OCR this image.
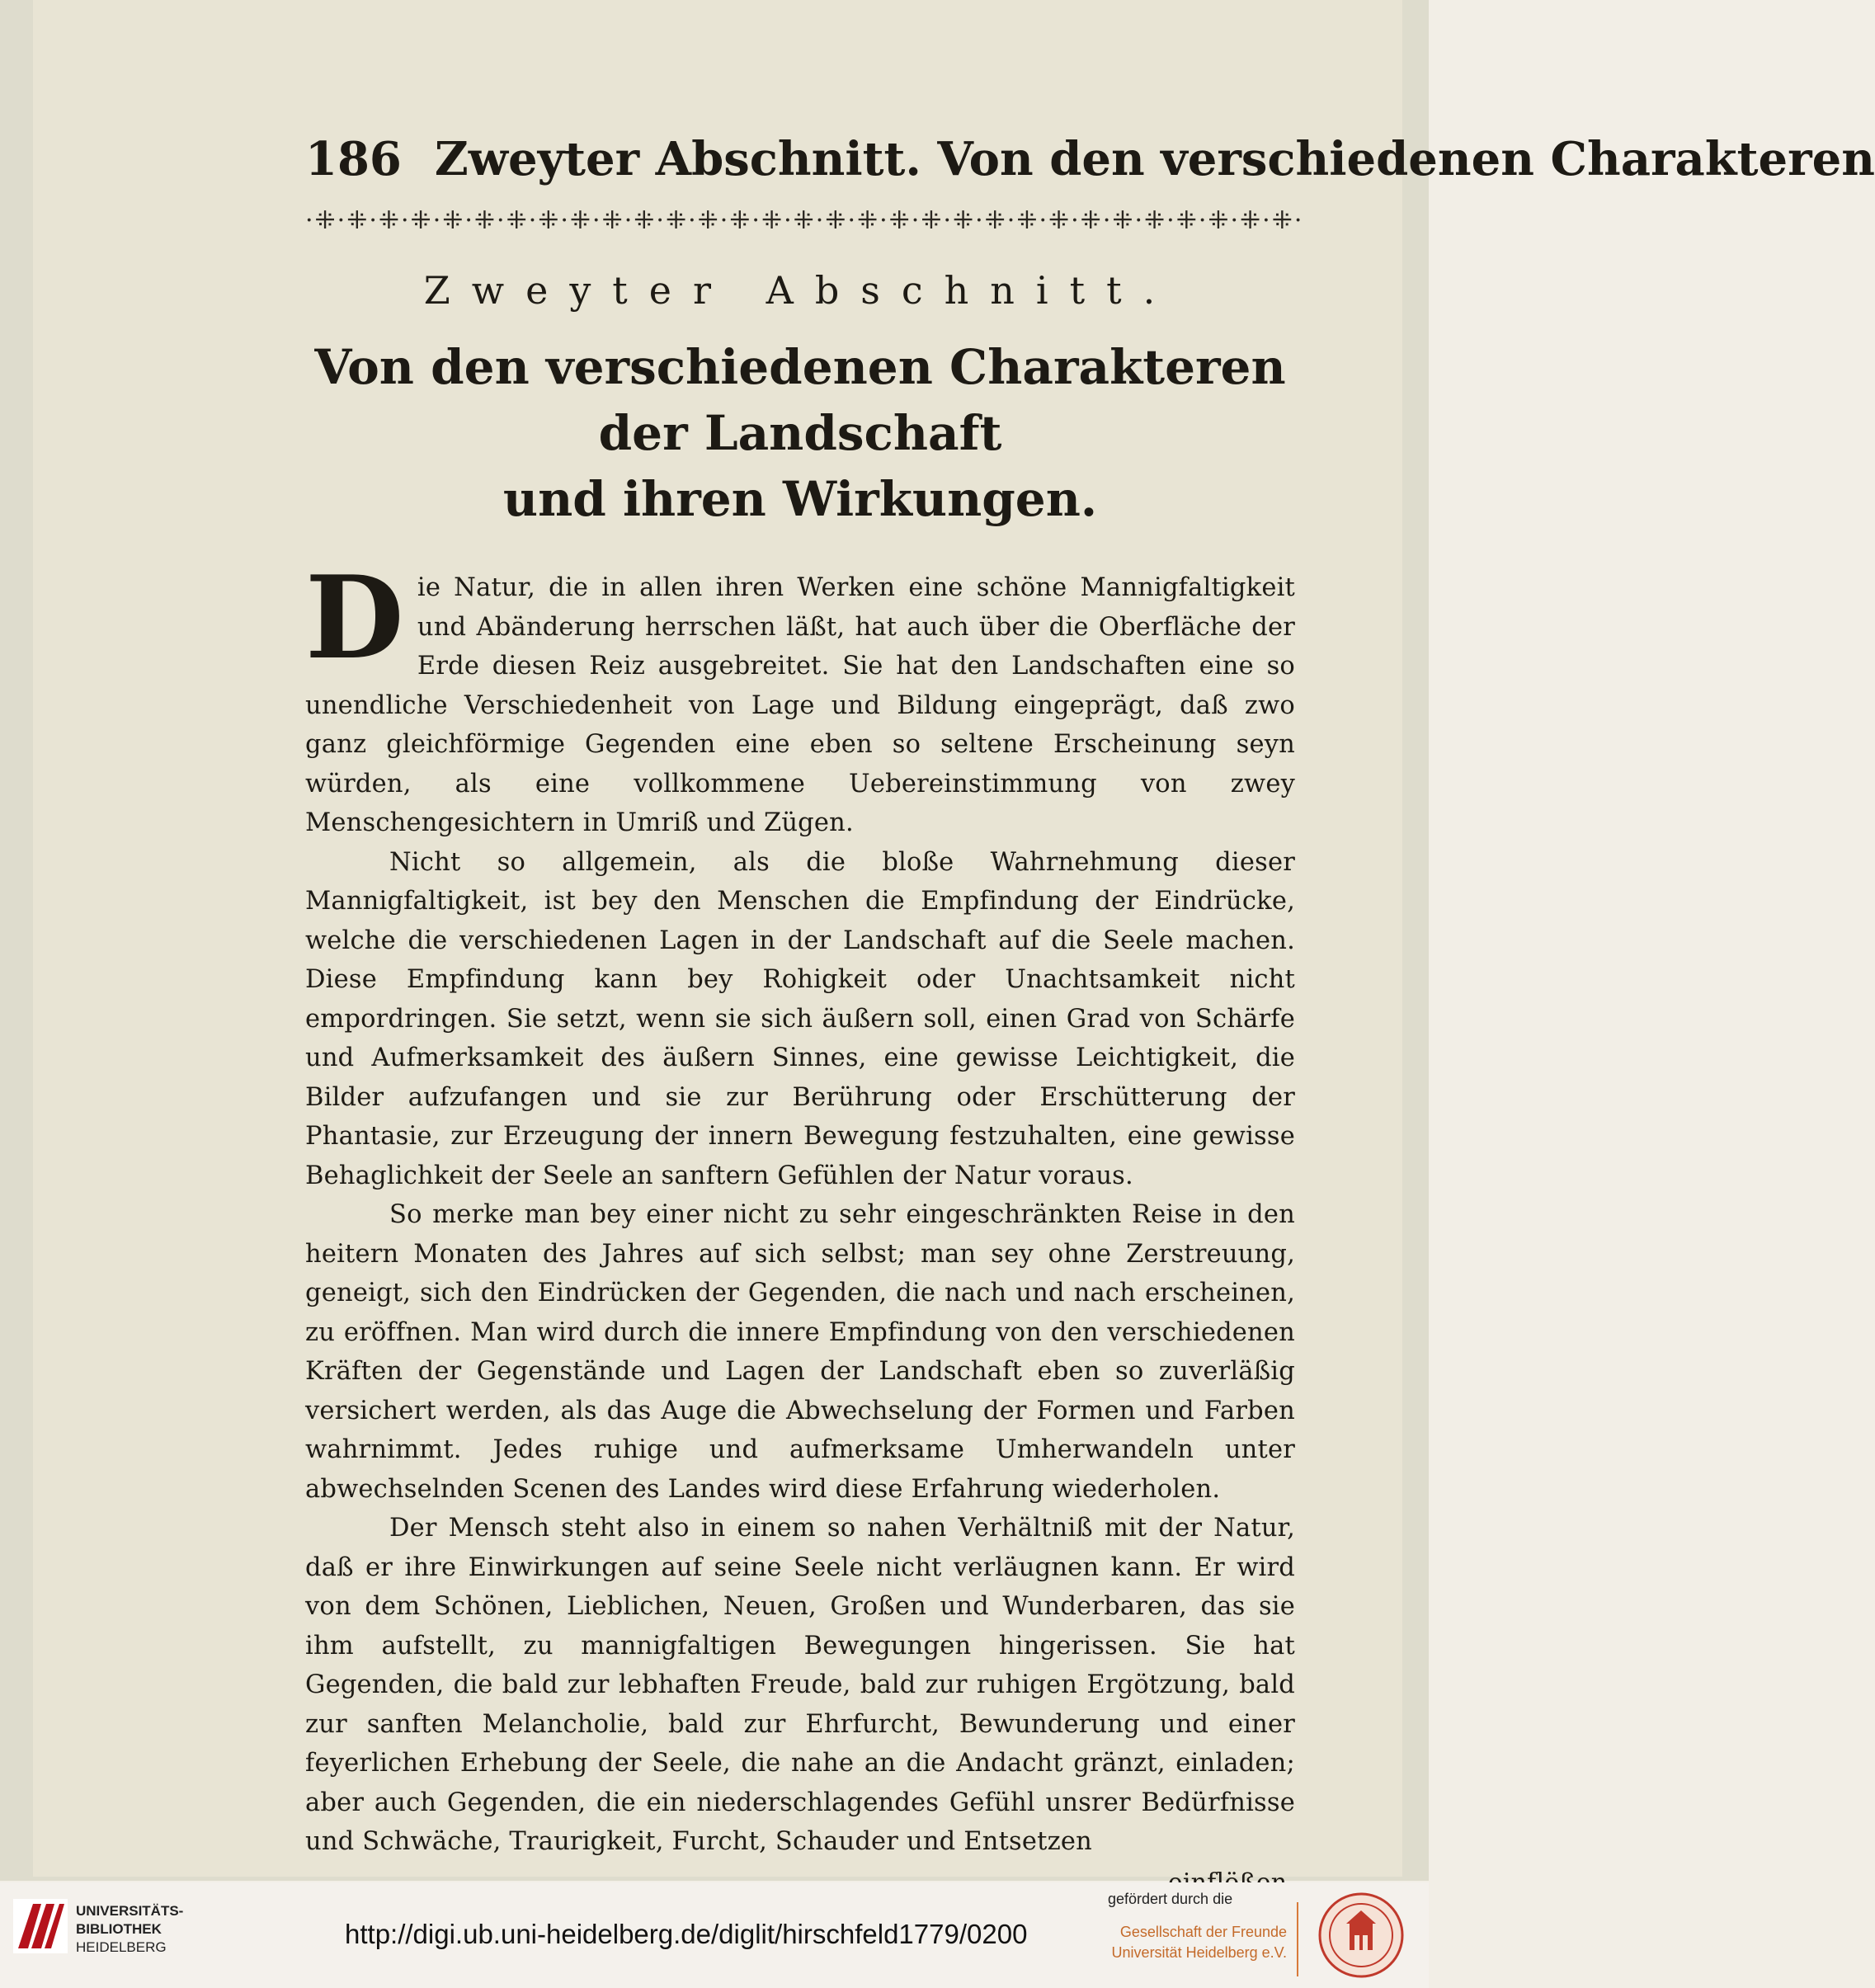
186 Zweyter Abschnitt. Von den verschiedenen Charakteren
·⁜·⁜·⁜·⁜·⁜·⁜·⁜·⁜·⁜·⁜·⁜·⁜·⁜·⁜·⁜·⁜·⁜·⁜·⁜·⁜·⁜·⁜·⁜·⁜·⁜·⁜·⁜·⁜·⁜·⁜·⁜·
Zweyter Abschnitt.
Von den verschiedenen Charakteren der Landschaft
und ihren Wirkungen.

Die Natur, die in allen ihren Werken eine schöne Mannigfaltigkeit und Abänderung herrschen läßt, hat auch über die Oberfläche der Erde diesen Reiz ausgebreitet. Sie hat den Landschaften eine so unendliche Verschiedenheit von Lage und Bildung eingeprägt, daß zwo ganz gleichförmige Gegenden eine eben so seltene Erscheinung seyn würden, als eine vollkommene Uebereinstimmung von zwey Menschengesichtern in Umriß und Zügen.

Nicht so allgemein, als die bloße Wahrnehmung dieser Mannigfaltigkeit, ist bey den Menschen die Empfindung der Eindrücke, welche die verschiedenen Lagen in der Landschaft auf die Seele machen. Diese Empfindung kann bey Rohigkeit oder Unachtsamkeit nicht empordringen. Sie setzt, wenn sie sich äußern soll, einen Grad von Schärfe und Aufmerksamkeit des äußern Sinnes, eine gewisse Leichtigkeit, die Bilder aufzufangen und sie zur Berührung oder Erschütterung der Phantasie, zur Erzeugung der innern Bewegung festzuhalten, eine gewisse Behaglichkeit der Seele an sanftern Gefühlen der Natur voraus.

So merke man bey einer nicht zu sehr eingeschränkten Reise in den heitern Monaten des Jahres auf sich selbst; man sey ohne Zerstreuung, geneigt, sich den Eindrücken der Gegenden, die nach und nach erscheinen, zu eröffnen. Man wird durch die innere Empfindung von den verschiedenen Kräften der Gegenstände und Lagen der Landschaft eben so zuverläßig versichert werden, als das Auge die Abwechselung der Formen und Farben wahrnimmt. Jedes ruhige und aufmerksame Umherwandeln unter abwechselnden Scenen des Landes wird diese Erfahrung wiederholen.

Der Mensch steht also in einem so nahen Verhältniß mit der Natur, daß er ihre Einwirkungen auf seine Seele nicht verläugnen kann. Er wird von dem Schönen, Lieblichen, Neuen, Großen und Wunderbaren, das sie ihm aufstellt, zu mannigfaltigen Bewegungen hingerissen. Sie hat Gegenden, die bald zur lebhaften Freude, bald zur ruhigen Ergötzung, bald zur sanften Melancholie, bald zur Ehrfurcht, Bewunderung und einer feyerlichen Erhebung der Seele, die nahe an die Andacht gränzt, einladen; aber auch Gegenden, die ein niederschlagendes Gefühl unsrer Bedürfnisse und Schwäche, Traurigkeit, Furcht, Schauder und Entsetzen

UNIVERSITÄTS-
BIBLIOTHEK
HEIDELBERG	http://digi.ub.uni-heidelberg.de/diglit/hirschfeld1779/0200
gefördert durch die
Gesellschaft der Freunde
Universität Heidelberg e.V.
